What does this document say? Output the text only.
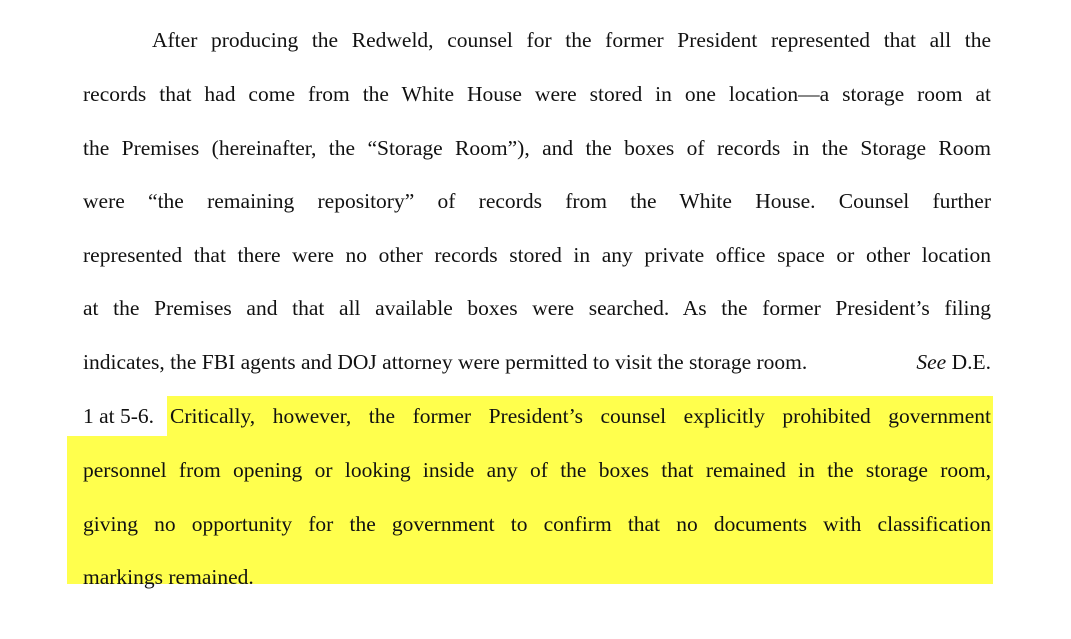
After producing the Redweld, counsel for the former President represented that all the
records that had come from the White House were stored in one location—a storage room at
the Premises (hereinafter, the “Storage Room”), and the boxes of records in the Storage Room
were “the remaining repository” of records from the White House. Counsel further
represented that there were no other records stored in any private office space or other location
at the Premises and that all available boxes were searched. As the former President’s filing
indicates, the FBI agents and DOJ attorney were permitted to visit the storage room.	See D.E.
1 at 5-6. Critically, however, the former President’s counsel explicitly prohibited government
personnel from opening or looking inside any of the boxes that remained in the storage room,
giving no opportunity for the government to confirm that no documents with classification
markings remained.
